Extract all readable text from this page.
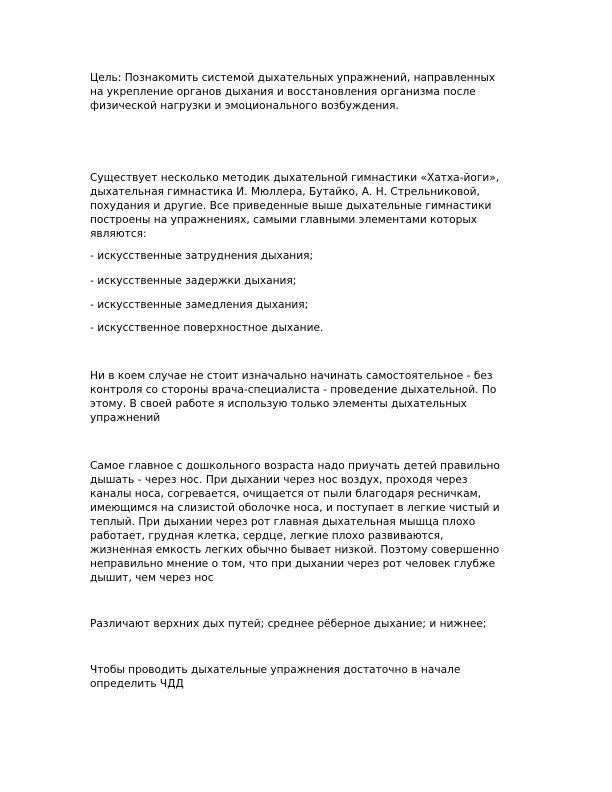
Цель: Познакомить системой дыхательных упражнений, направленных
на укрепление органов дыхания и восстановления организма после
физической нагрузки и эмоционального возбуждения.

Существует несколько методик дыхательной гимнастики «Хатха-йоги»,
дыхательная гимнастика И. Мюллера, Бутайко, А. Н. Стрельниковой,
похудания и другие. Все приведенные выше дыхательные гимнастики
построены на упражнениях, самыми главными элементами которых
являются:

- искусственные затруднения дыхания;

- искусственные задержки дыхания;

- искусственные замедления дыхания;

- искусственное поверхностное дыхание.

Ни в коем случае не стоит изначально начинать самостоятельное - без
контроля со стороны врача-специалиста - проведение дыхательной. По
этому. В своей работе я использую только элементы дыхательных
упражнений

Самое главное с дошкольного возраста надо приучать детей правильно
дышать - через нос. При дыхании через нос воздух, проходя через
каналы носа, согревается, очищается от пыли благодаря ресничкам,
имеющимся на слизистой оболочке носа, и поступает в легкие чистый и
теплый. При дыхании через рот главная дыхательная мышца плохо
работает, грудная клетка, сердце, легкие плохо развиваются,
жизненная емкость легких обычно бывает низкой. Поэтому совершенно
неправильно мнение о том, что при дыхании через рот человек глубже
дышит, чем через нос

Различают верхних дых путей; среднее рёберное дыхание; и нижнее;

Чтобы проводить дыхательные упражнения достаточно в начале
определить ЧДД
